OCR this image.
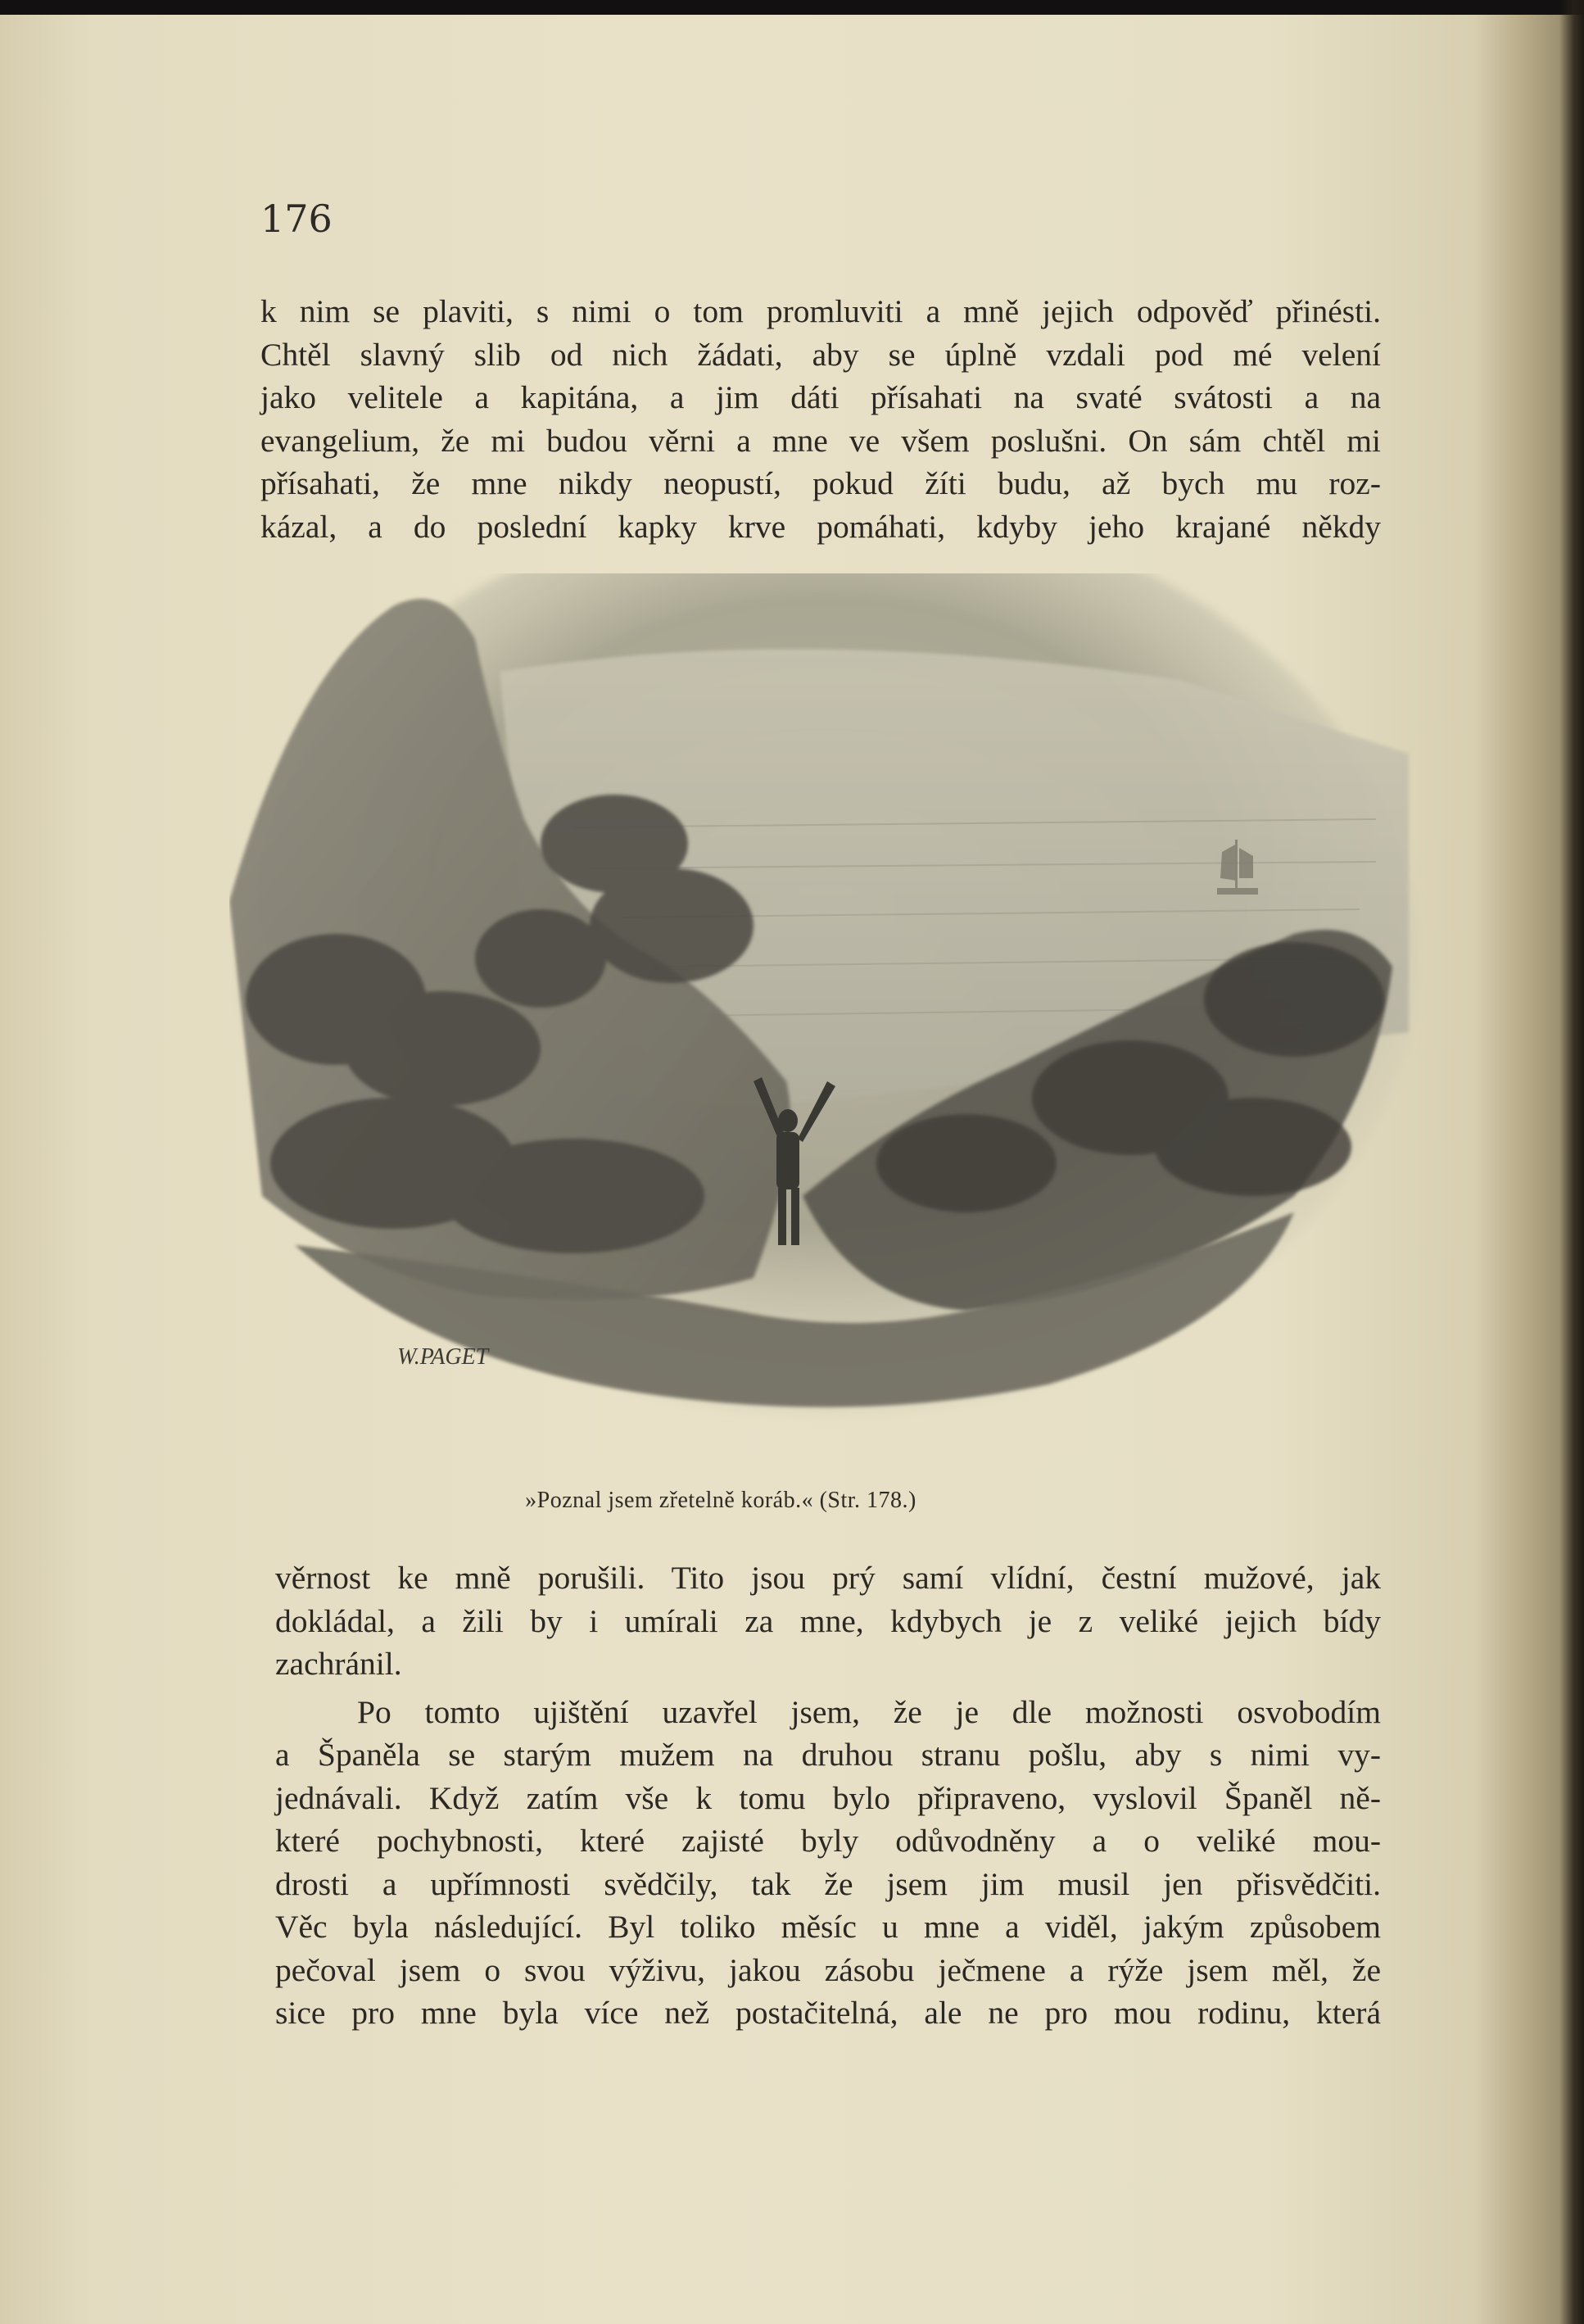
176
k nim se plaviti, s nimi o tom promluviti a mně jejich odpověď přinésti.
Chtěl slavný slib od nich žádati, aby se úplně vzdali pod mé velení
jako velitele a kapitána, a jim dáti přísahati na svaté svátosti a na
evangelium, že mi budou věrni a mne ve všem poslušni. On sám chtěl mi
přísahati, že mne nikdy neopustí, pokud žíti budu, až bych mu roz-
kázal, a do poslední kapky krve pomáhati, kdyby jeho krajané někdy
W.PAGET
»Poznal jsem zřetelně koráb.« (Str. 178.)
věrnost ke mně porušili. Tito jsou prý samí vlídní, čestní mužové, jak
dokládal, a žili by i umírali za mne, kdybych je z veliké jejich bídy
zachránil.
Po tomto ujištění uzavřel jsem, že je dle možnosti osvobodím
a Španěla se starým mužem na druhou stranu pošlu, aby s nimi vy-
jednávali. Když zatím vše k tomu bylo připraveno, vyslovil Španěl ně-
které pochybnosti, které zajisté byly odůvodněny a o veliké mou-
drosti a upřímnosti svědčily, tak že jsem jim musil jen přisvědčiti.
Věc byla následující. Byl toliko měsíc u mne a viděl, jakým způsobem
pečoval jsem o svou výživu, jakou zásobu ječmene a rýže jsem měl, že
sice pro mne byla více než postačitelná, ale ne pro mou rodinu, která
